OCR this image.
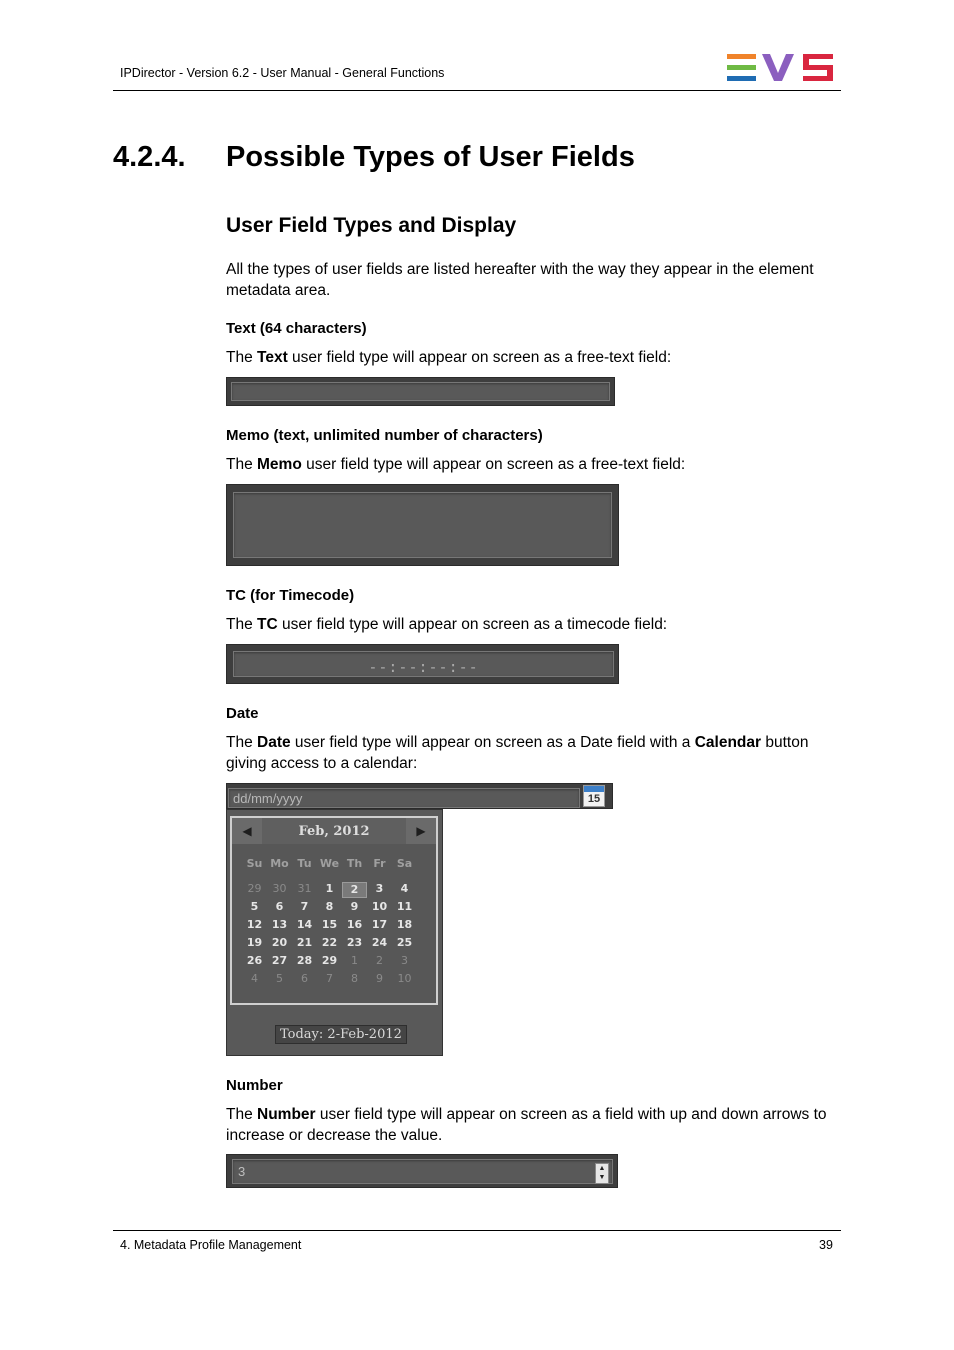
IPDirector - Version 6.2 - User Manual - General Functions
4.2.4. Possible Types of User Fields
User Field Types and Display
All the types of user fields are listed hereafter with the way they appear in the element metadata area.
Text (64 characters)
The Text user field type will appear on screen as a free-text field:
Memo (text, unlimited number of characters)
The Memo user field type will appear on screen as a free-text field:
TC (for Timecode)
The TC user field type will appear on screen as a timecode field:
--:--:--:--
Date
The Date user field type will appear on screen as a Date field with a Calendar button giving access to a calendar:
dd/mm/yyyy	15
◀	Feb, 2012	▶
Su Mo Tu We Th	Fr	Sa
29	30	31	1	2	3	4
5	6	7	8	9	10 11
12 13 14 15 16 17 18
19 20 21 22 23 24 25
26 27 28 29	1	2	3
4	5	6	7	8	9	10
Today: 2-Feb-2012
Number
The Number user field type will appear on screen as a field with up and down arrows to increase or decrease the value.
3	▲
▼
4. Metadata Profile Management	39
